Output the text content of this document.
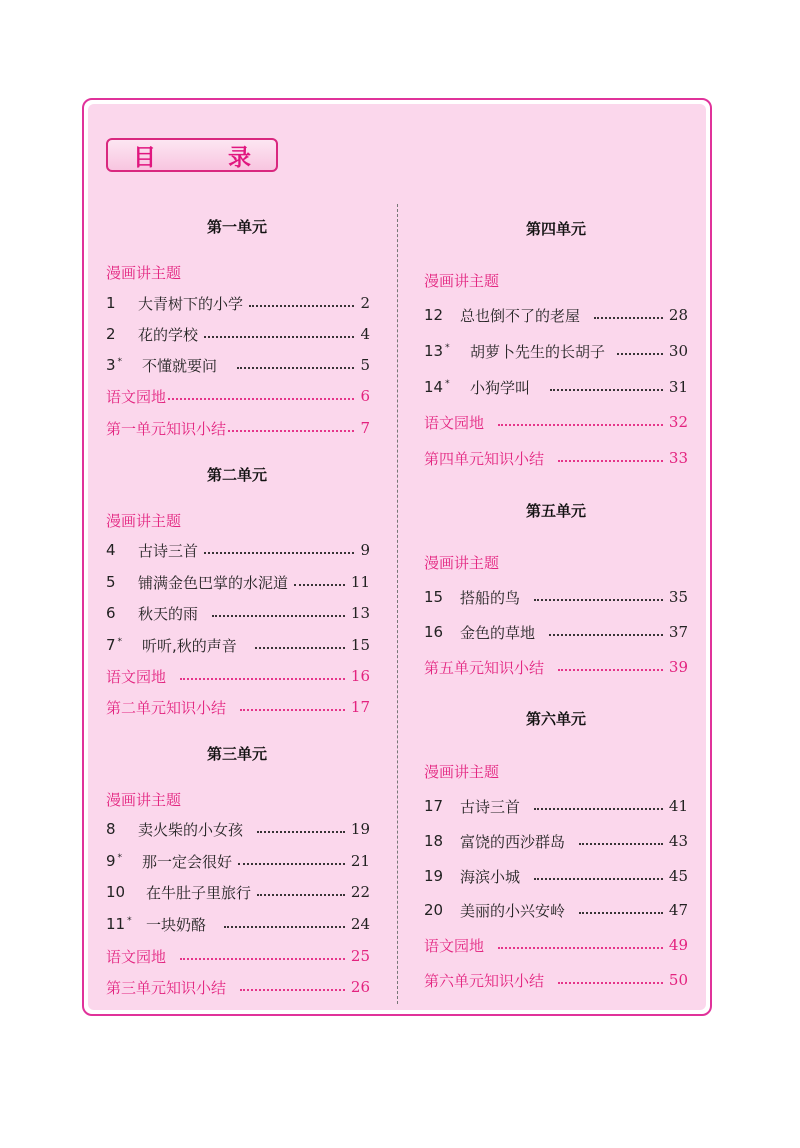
目 录
第一单元
漫画讲主题
1	大青树下的小学	2
2	花的学校	4
3 *	不懂就要问	5
语文园地	6
第一单元知识小结	7
第二单元
漫画讲主题
4	古诗三首	9
5	铺满金色巴掌的水泥道	11
6	秋天的雨	13
7 *	听听,秋的声音	15
语文园地	16
第二单元知识小结	17
第三单元
漫画讲主题
8	卖火柴的小女孩	19
9 *	那一定会很好	21
10	在牛肚子里旅行	22
11 * 一块奶酪	24
语文园地	25
第三单元知识小结	26
第四单元
漫画讲主题
12	总也倒不了的老屋	28
13 *	胡萝卜先生的长胡子	30
14 *	小狗学叫	31
语文园地	32
第四单元知识小结	33
第五单元
漫画讲主题
15	搭船的鸟	35
16	金色的草地	37
第五单元知识小结	39
第六单元
漫画讲主题
17	古诗三首	41
18	富饶的西沙群岛	43
19	海滨小城	45
20	美丽的小兴安岭	47
语文园地	49
第六单元知识小结	50
